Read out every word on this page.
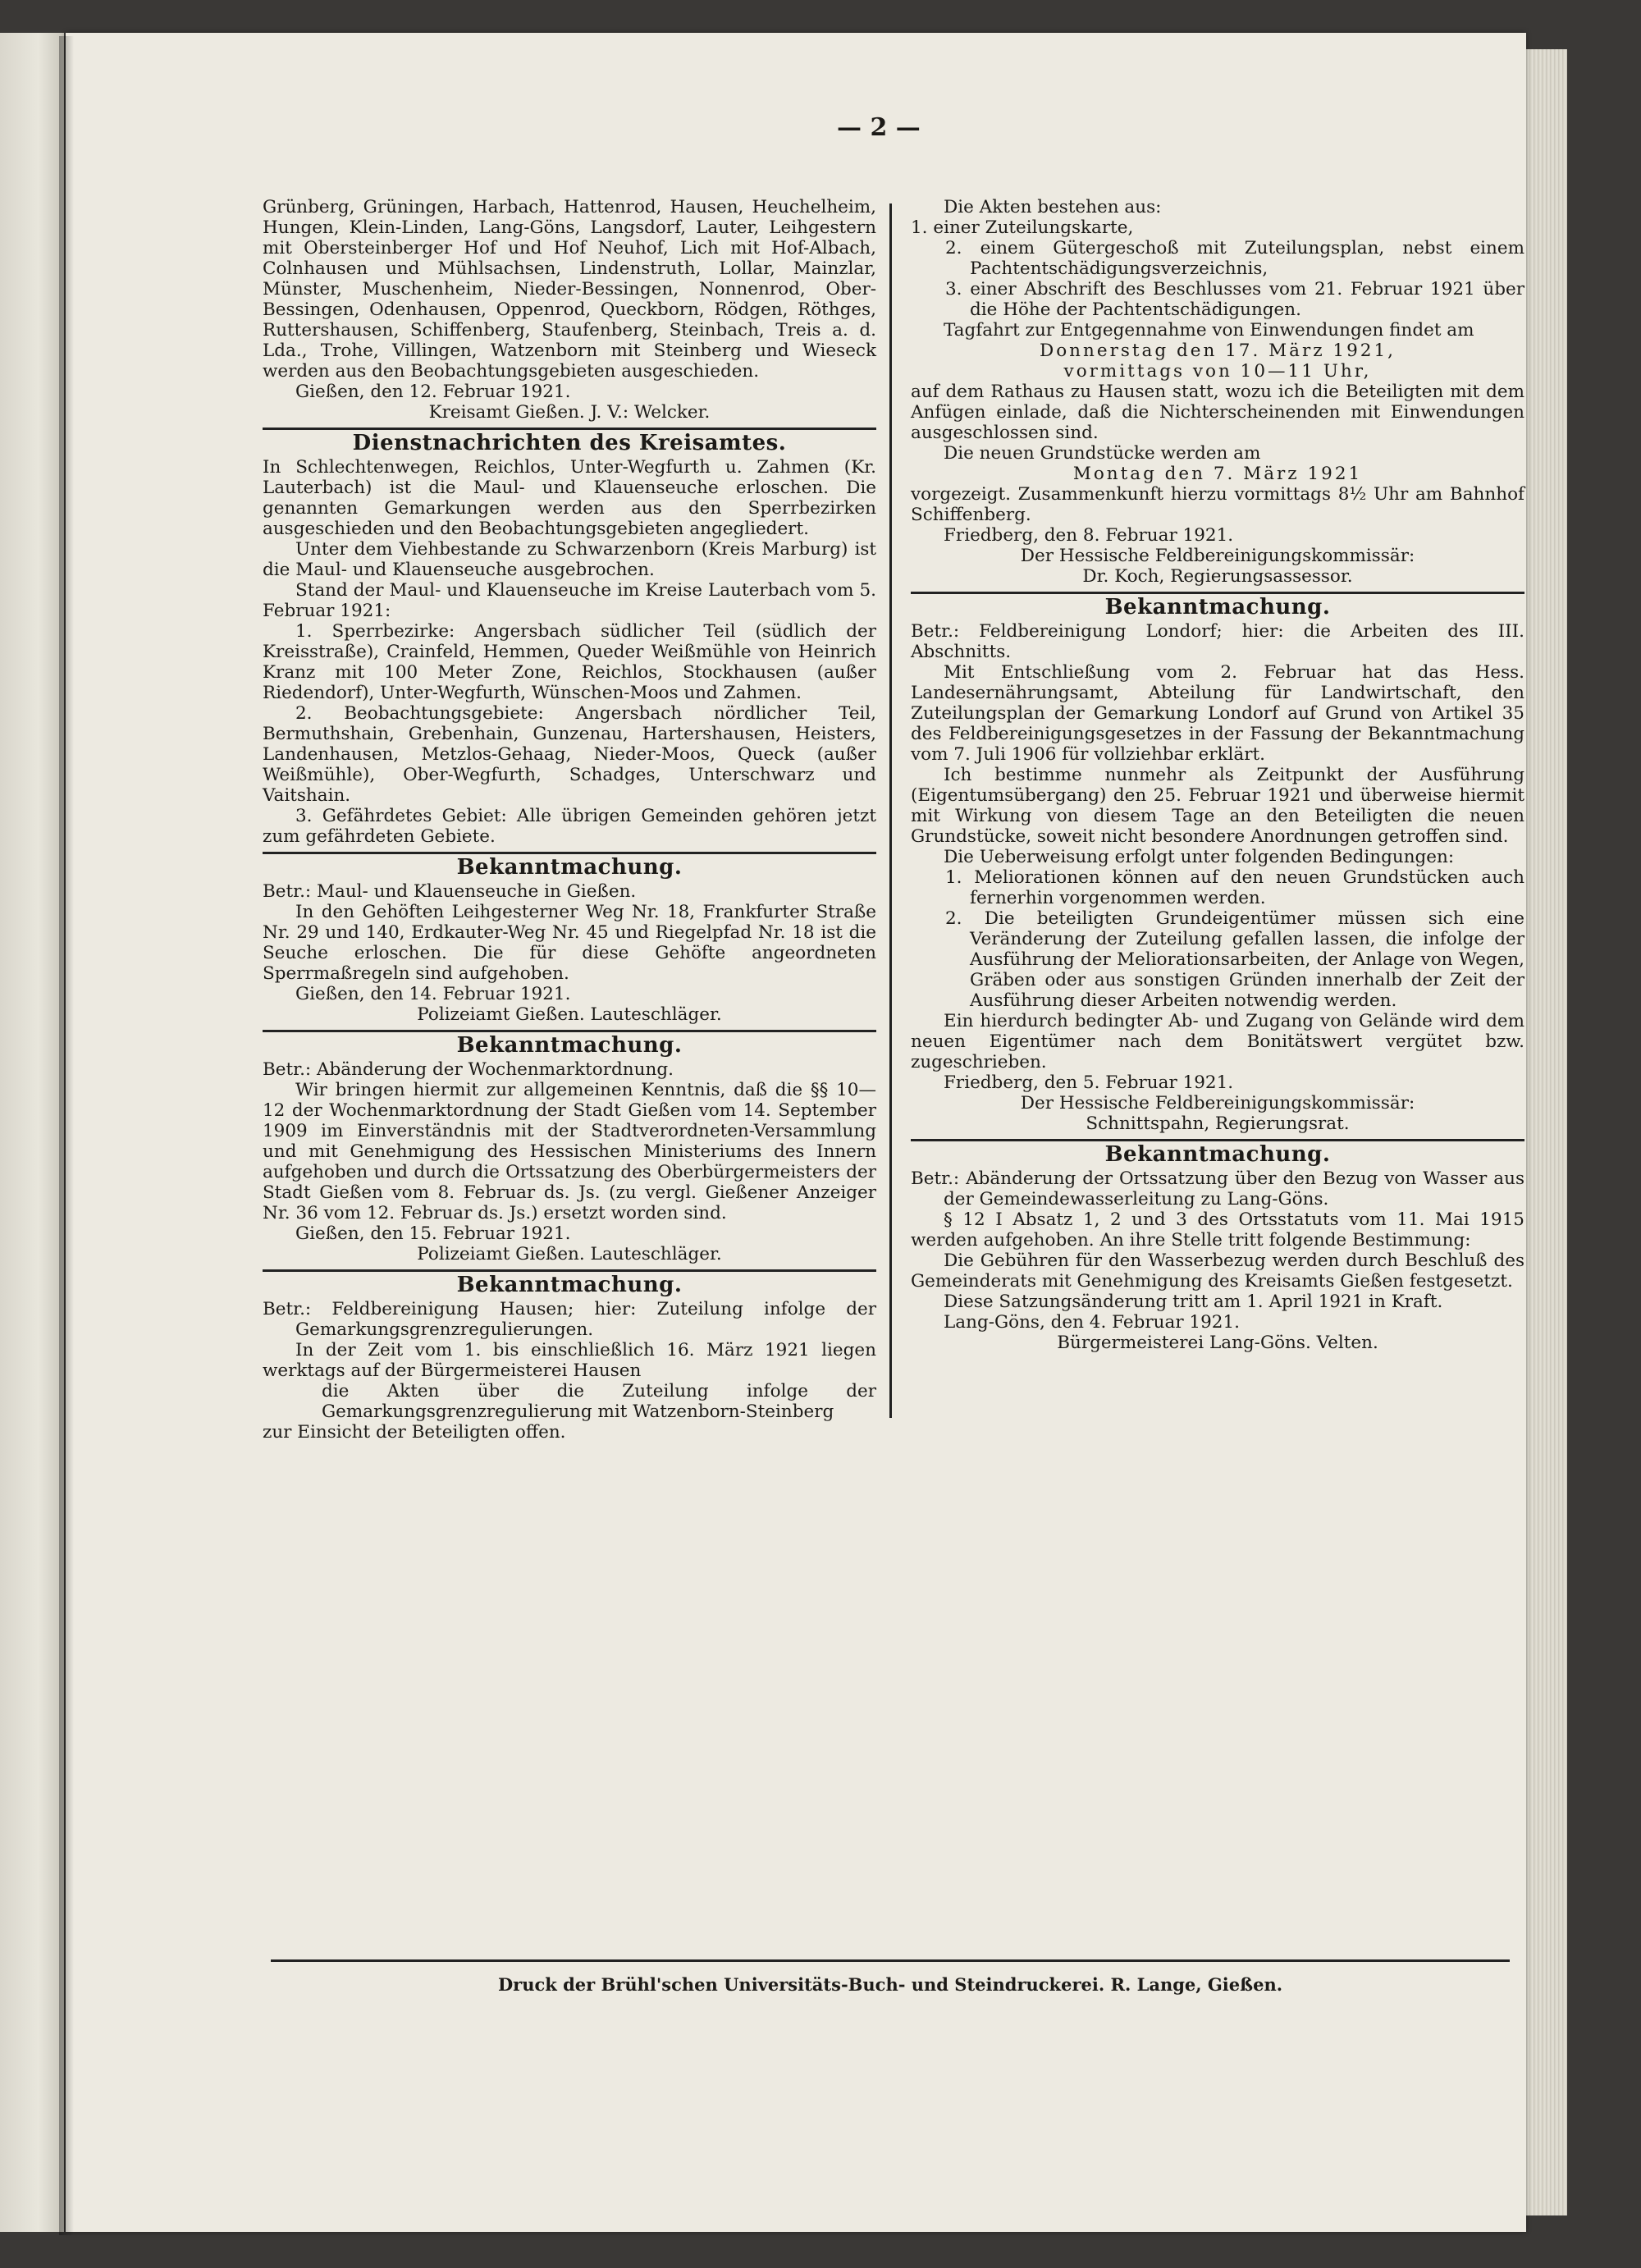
— 2 —

Grünberg, Grüningen, Harbach, Hattenrod, Hausen, Heuchelheim, Hungen, Klein-Linden, Lang-Göns, Langsdorf, Lauter, Leihgestern mit Obersteinberger Hof und Hof Neuhof, Lich mit Hof-Albach, Colnhausen und Mühlsachsen, Lindenstruth, Lollar, Mainzlar, Münster, Muschenheim, Nieder-Bessingen, Nonnenrod, Ober-Bessingen, Odenhausen, Oppenrod, Queckborn, Rödgen, Röthges, Ruttershausen, Schiffenberg, Staufenberg, Steinbach, Treis a. d. Lda., Trohe, Villingen, Watzenborn mit Steinberg und Wieseck werden aus den Beobachtungsgebieten ausgeschieden.

Gießen, den 12. Februar 1921.

Kreisamt Gießen. J. V.: Welcker.

Dienstnachrichten des Kreisamtes.

In Schlechtenwegen, Reichlos, Unter-Wegfurth u. Zahmen (Kr. Lauterbach) ist die Maul- und Klauenseuche erloschen. Die genannten Gemarkungen werden aus den Sperrbezirken ausgeschieden und den Beobachtungsgebieten angegliedert.

Unter dem Viehbestande zu Schwarzenborn (Kreis Marburg) ist die Maul- und Klauenseuche ausgebrochen.

Stand der Maul- und Klauenseuche im Kreise Lauterbach vom 5. Februar 1921:

1. Sperrbezirke: Angersbach südlicher Teil (südlich der Kreisstraße), Crainfeld, Hemmen, Queder Weißmühle von Heinrich Kranz mit 100 Meter Zone, Reichlos, Stockhausen (außer Riedendorf), Unter-Wegfurth, Wünschen-Moos und Zahmen.

2. Beobachtungsgebiete: Angersbach nördlicher Teil, Bermuthshain, Grebenhain, Gunzenau, Hartershausen, Heisters, Landenhausen, Metzlos-Gehaag, Nieder-Moos, Queck (außer Weißmühle), Ober-Wegfurth, Schadges, Unterschwarz und Vaitshain.

3. Gefährdetes Gebiet: Alle übrigen Gemeinden gehören jetzt zum gefährdeten Gebiete.

Bekanntmachung.

Betr.: Maul- und Klauenseuche in Gießen.

In den Gehöften Leihgesterner Weg Nr. 18, Frankfurter Straße Nr. 29 und 140, Erdkauter-Weg Nr. 45 und Riegelpfad Nr. 18 ist die Seuche erloschen. Die für diese Gehöfte angeordneten Sperrmaßregeln sind aufgehoben.

Gießen, den 14. Februar 1921.

Polizeiamt Gießen. Lauteschläger.

Bekanntmachung.

Betr.: Abänderung der Wochenmarktordnung.

Wir bringen hiermit zur allgemeinen Kenntnis, daß die §§ 10—12 der Wochenmarktordnung der Stadt Gießen vom 14. September 1909 im Einverständnis mit der Stadtverordneten-Versammlung und mit Genehmigung des Hessischen Ministeriums des Innern aufgehoben und durch die Ortssatzung des Oberbürgermeisters der Stadt Gießen vom 8. Februar ds. Js. (zu vergl. Gießener Anzeiger Nr. 36 vom 12. Februar ds. Js.) ersetzt worden sind.

Gießen, den 15. Februar 1921.

Polizeiamt Gießen. Lauteschläger.

Bekanntmachung.

Betr.: Feldbereinigung Hausen; hier: Zuteilung infolge der Gemarkungsgrenzregulierungen.

In der Zeit vom 1. bis einschließlich 16. März 1921 liegen werktags auf der Bürgermeisterei Hausen

die Akten über die Zuteilung infolge der Gemarkungsgrenzregulierung mit Watzenborn-Steinberg

zur Einsicht der Beteiligten offen.

Die Akten bestehen aus:

1. einer Zuteilungskarte,

2. einem Gütergeschoß mit Zuteilungsplan, nebst einem Pachtentschädigungsverzeichnis,

3. einer Abschrift des Beschlusses vom 21. Februar 1921 über die Höhe der Pachtentschädigungen.

Tagfahrt zur Entgegennahme von Einwendungen findet am

Donnerstag den 17. März 1921,

vormittags von 10—11 Uhr,

auf dem Rathaus zu Hausen statt, wozu ich die Beteiligten mit dem Anfügen einlade, daß die Nichterscheinenden mit Einwendungen ausgeschlossen sind.

Die neuen Grundstücke werden am

Montag den 7. März 1921

vorgezeigt. Zusammenkunft hierzu vormittags 8½ Uhr am Bahnhof Schiffenberg.

Friedberg, den 8. Februar 1921.

Der Hessische Feldbereinigungskommissär:

Dr. Koch, Regierungsassessor.

Bekanntmachung.

Betr.: Feldbereinigung Londorf; hier: die Arbeiten des III. Abschnitts.

Mit Entschließung vom 2. Februar hat das Hess. Landesernährungsamt, Abteilung für Landwirtschaft, den Zuteilungsplan der Gemarkung Londorf auf Grund von Artikel 35 des Feldbereinigungsgesetzes in der Fassung der Bekanntmachung vom 7. Juli 1906 für vollziehbar erklärt.

Ich bestimme nunmehr als Zeitpunkt der Ausführung (Eigentumsübergang) den 25. Februar 1921 und überweise hiermit mit Wirkung von diesem Tage an den Beteiligten die neuen Grundstücke, soweit nicht besondere Anordnungen getroffen sind.

Die Ueberweisung erfolgt unter folgenden Bedingungen:

1. Meliorationen können auf den neuen Grundstücken auch fernerhin vorgenommen werden.

2. Die beteiligten Grundeigentümer müssen sich eine Veränderung der Zuteilung gefallen lassen, die infolge der Ausführung der Meliorationsarbeiten, der Anlage von Wegen, Gräben oder aus sonstigen Gründen innerhalb der Zeit der Ausführung dieser Arbeiten notwendig werden.

Ein hierdurch bedingter Ab- und Zugang von Gelände wird dem neuen Eigentümer nach dem Bonitätswert vergütet bzw. zugeschrieben.

Friedberg, den 5. Februar 1921.

Der Hessische Feldbereinigungskommissär:

Schnittspahn, Regierungsrat.

Bekanntmachung.

Betr.: Abänderung der Ortssatzung über den Bezug von Wasser aus der Gemeindewasserleitung zu Lang-Göns.

§ 12 I Absatz 1, 2 und 3 des Ortsstatuts vom 11. Mai 1915 werden aufgehoben. An ihre Stelle tritt folgende Bestimmung:

Die Gebühren für den Wasserbezug werden durch Beschluß des Gemeinderats mit Genehmigung des Kreisamts Gießen festgesetzt.

Diese Satzungsänderung tritt am 1. April 1921 in Kraft.

Lang-Göns, den 4. Februar 1921.

Bürgermeisterei Lang-Göns. Velten.

Druck der Brühl'schen Universitäts-Buch- und Steindruckerei. R. Lange, Gießen.
